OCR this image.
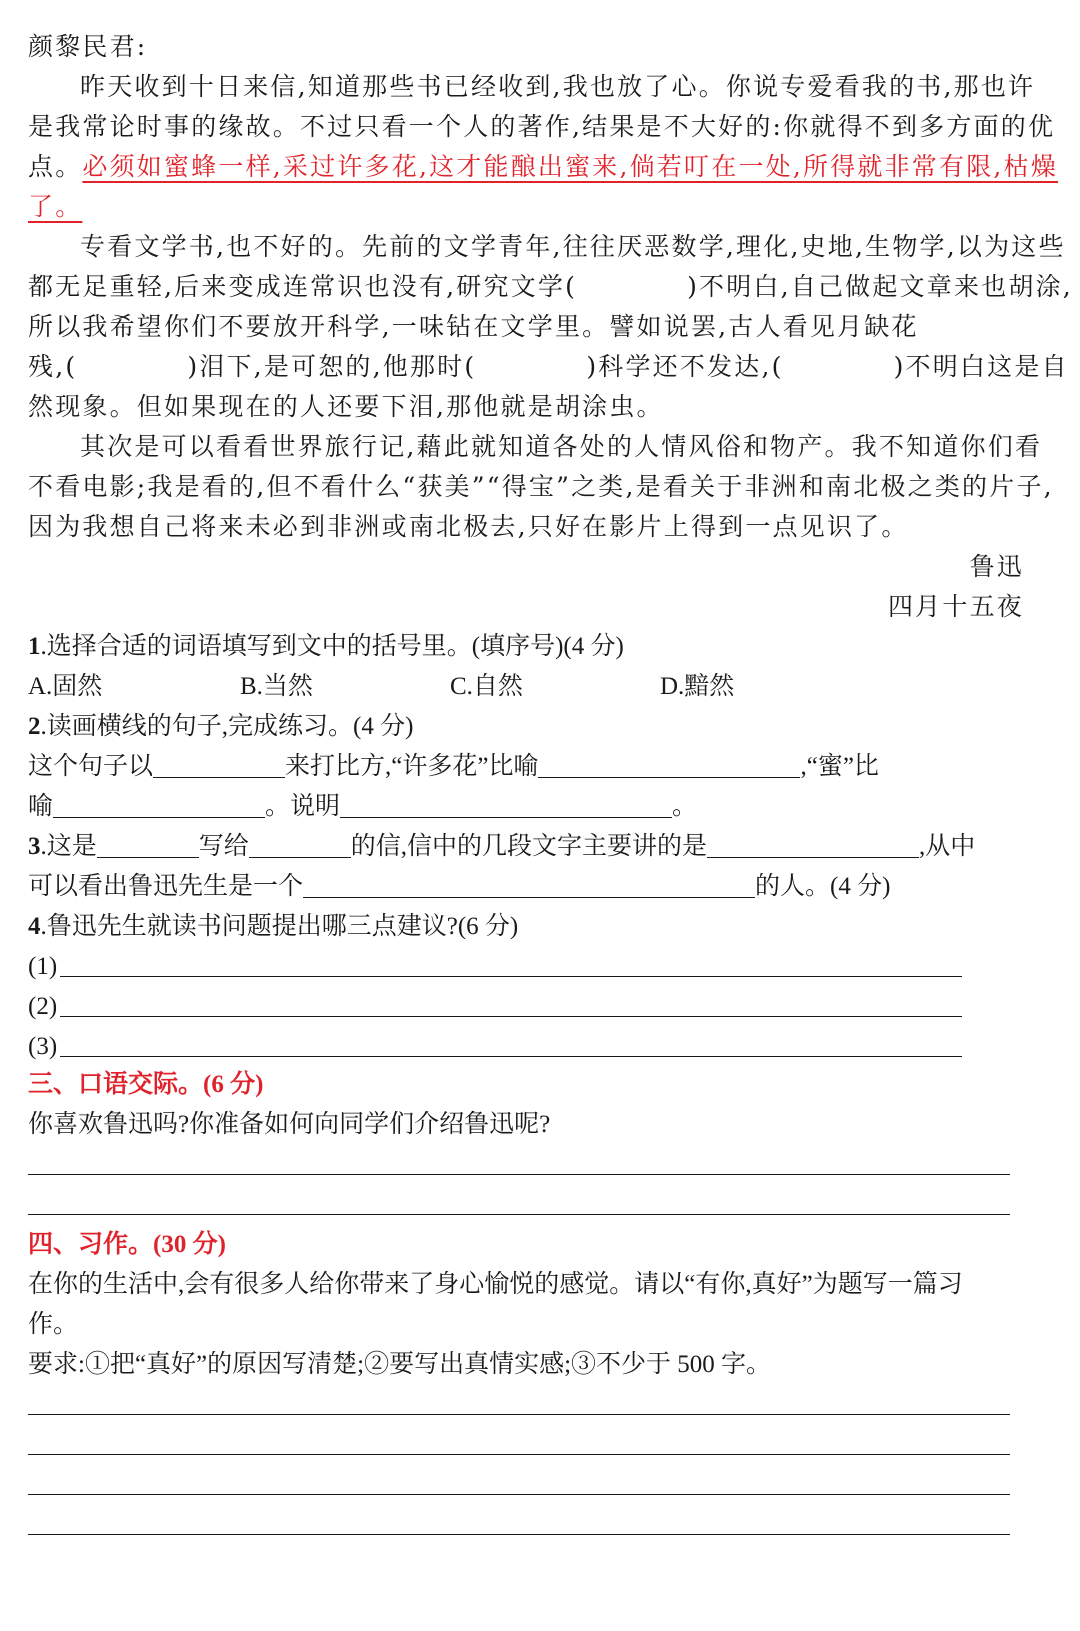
颜黎民君:
昨天收到十日来信,知道那些书已经收到,我也放了心。你说专爱看我的书,那也许
是我常论时事的缘故。不过只看一个人的著作,结果是不大好的:你就得不到多方面的优
点。必须如蜜蜂一样,采过许多花,这才能酿出蜜来,倘若叮在一处,所得就非常有限,枯燥
了。
专看文学书,也不好的。先前的文学青年,往往厌恶数学,理化,史地,生物学,以为这些
都无足重轻,后来变成连常识也没有,研究文学(	)不明白,自己做起文章来也胡涂,
所以我希望你们不要放开科学,一味钻在文学里。譬如说罢,古人看见月缺花
残,(	)泪下,是可恕的,他那时(	)科学还不发达,(	)不明白这是自
然现象。但如果现在的人还要下泪,那他就是胡涂虫。
其次是可以看看世界旅行记,藉此就知道各处的人情风俗和物产。我不知道你们看
不看电影;我是看的,但不看什么“获美”“得宝”之类,是看关于非洲和南北极之类的片子,
因为我想自己将来未必到非洲或南北极去,只好在影片上得到一点见识了。
鲁迅
四月十五夜
1.选择合适的词语填写到文中的括号里。(填序号)(4 分)
A.固然	B.当然	C.自然	D.黯然
2.读画横线的句子,完成练习。(4 分)
这个句子以	来打比方,“许多花”比喻	,“蜜”比
喻	。说明	。
3.这是	写给	的信,信中的几段文字主要讲的是	,从中
可以看出鲁迅先生是一个	的人。(4 分)
4.鲁迅先生就读书问题提出哪三点建议?(6 分)
(1)
(2)
(3)
三、口语交际。(6 分)
你喜欢鲁迅吗?你准备如何向同学们介绍鲁迅呢?
四、习作。(30 分)
在你的生活中,会有很多人给你带来了身心愉悦的感觉。请以“有你,真好”为题写一篇习
作。
要求:①把“真好”的原因写清楚;②要写出真情实感;③不少于 500 字。
